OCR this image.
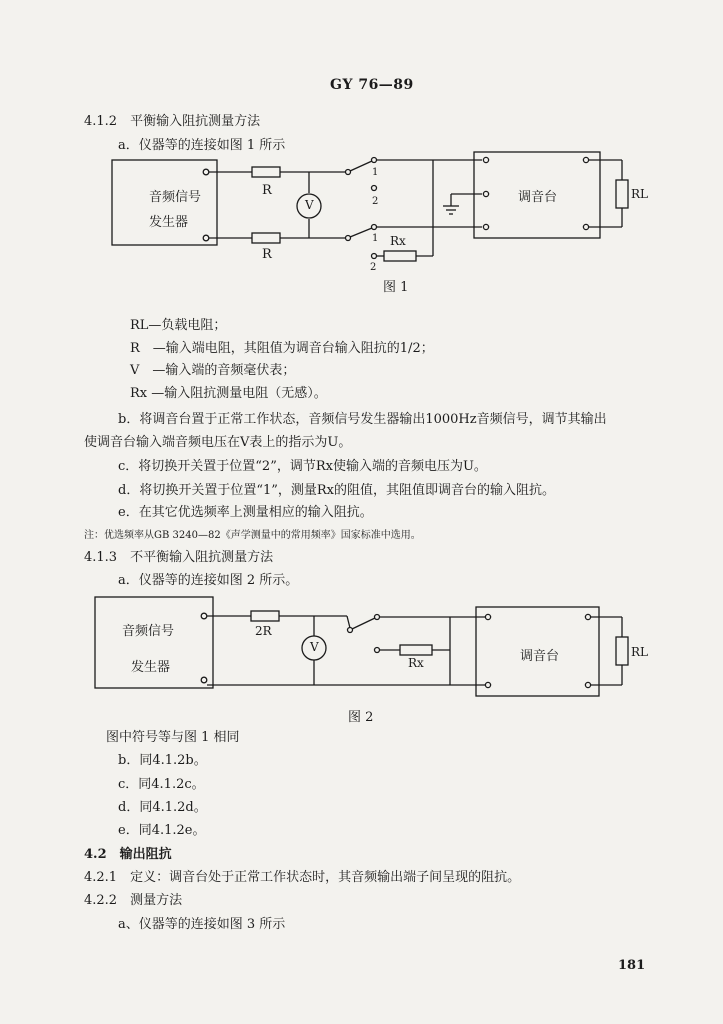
GY 76—89
4.1.2　平衡输入阻抗测量方法
a．仪器等的连接如图 1 所示
音频信号
发生器
R
R
V
1
2
1
2
Rx
调音台	RL
图 1
RL—负载电阻；
R　—输入端电阻，其阻值为调音台输入阻抗的1/2；
V　—输入端的音频毫伏表；
Rx —输入阻抗测量电阻（无感）。
b．将调音台置于正常工作状态，音频信号发生器输出1000Hz音频信号，调节其输出
使调音台输入端音频电压在V表上的指示为U。
c．将切换开关置于位置“2”，调节Rx使输入端的音频电压为U。
d．将切换开关置于位置“1”，测量Rx的阻值，其阻值即调音台的输入阻抗。
e．在其它优选频率上测量相应的输入阻抗。
注：优选频率从GB 3240—82《声学测量中的常用频率》国家标准中选用。
4.1.3　不平衡输入阻抗测量方法
a．仪器等的连接如图 2 所示。
音频信号
发生器
2R
V
Rx	调音台	RL
图 2
图中符号等与图 1 相同
b．同4.1.2b。
c．同4.1.2c。
d．同4.1.2d。
e．同4.1.2e。
4.2　输出阻抗
4.2.1　定义：调音台处于正常工作状态时，其音频输出端子间呈现的阻抗。
4.2.2　测量方法
a、仪器等的连接如图 3 所示
181
